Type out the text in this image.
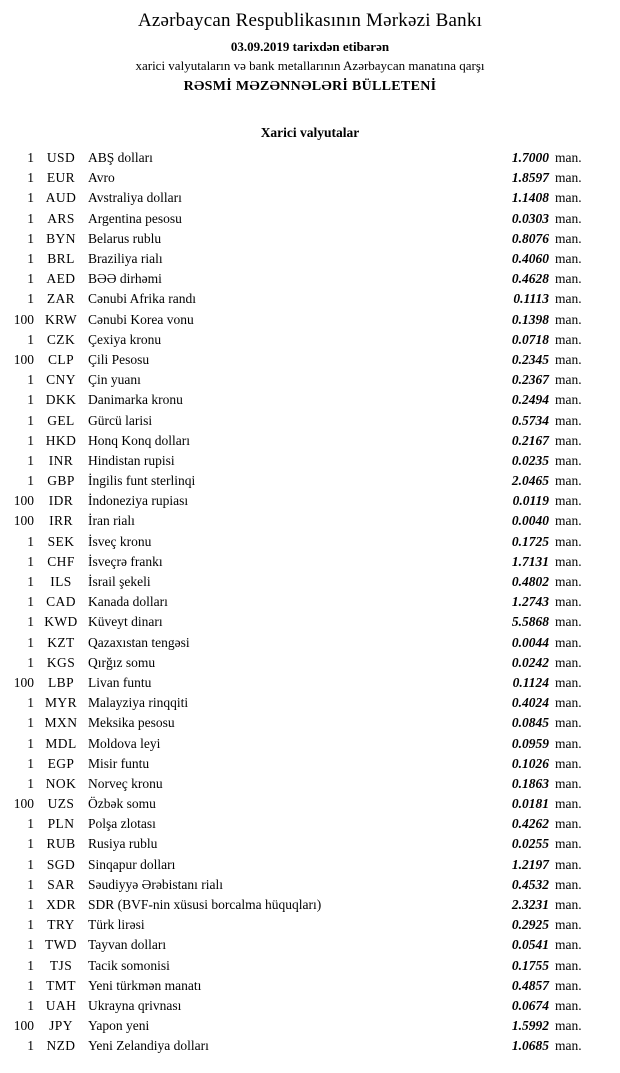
Azərbaycan Respublikasının Mərkəzi Bankı
03.09.2019 tarixdən etibarən
xarici valyutaların və bank metallarının Azərbaycan manatına qarşı
RƏSMİ MƏZƏNNƏLƏRİ BÜLLETENİ
Xarici valyutalar
1 USD ABŞ dolları	1.7000 man.
1 EUR Avro	1.8597 man.
1 AUD Avstraliya dolları	1.1408 man.
1 ARS Argentina pesosu	0.0303 man.
1 BYN Belarus rublu	0.8076 man.
1 BRL Braziliya rialı	0.4060 man.
1 AED BƏƏ dirhəmi	0.4628 man.
1 ZAR Cənubi Afrika randı	0.1113 man.
100 KRW Cənubi Korea vonu	0.1398 man.
1 CZK Çexiya kronu	0.0718 man.
100	CLP	Çili Pesosu	0.2345 man.
1 CNY Çin yuanı	0.2367 man.
1 DKK Danimarka kronu	0.2494 man.
1 GEL Gürcü larisi	0.5734 man.
1 HKD Honq Konq dolları	0.2167 man.
1	INR	Hindistan rupisi	0.0235 man.
1 GBP İngilis funt sterlinqi	2.0465 man.
100	IDR	İndoneziya rupiası	0.0119 man.
100	IRR	İran rialı	0.0040 man.
1	SEK	İsveç kronu	0.1725 man.
1 CHF İsveçrə frankı	1.7131 man.
1	ILS	İsrail şekeli	0.4802 man.
1 CAD Kanada dolları	1.2743 man.
1 KWD Küveyt dinarı	5.5868 man.
1 KZT Qazaxıstan tengəsi	0.0044 man.
1 KGS Qırğız somu	0.0242 man.
100	LBP	Livan funtu	0.1124 man.
1 MYR Malayziya rinqqiti	0.4024 man.
1 MXN Meksika pesosu	0.0845 man.
1 MDL Moldova leyi	0.0959 man.
1	EGP	Misir funtu	0.1026 man.
1 NOK Norveç kronu	0.1863 man.
100	UZS	Özbək somu	0.0181 man.
1	PLN	Polşa zlotası	0.4262 man.
1 RUB Rusiya rublu	0.0255 man.
1 SGD Sinqapur dolları	1.2197 man.
1 SAR Səudiyyə Ərəbistanı rialı	0.4532 man.
1 XDR SDR (BVF-nin xüsusi borcalma hüquqları)	2.3231 man.
1 TRY Türk lirəsi	0.2925 man.
1 TWD Tayvan dolları	0.0541 man.
1	TJS	Tacik somonisi	0.1755 man.
1 TMT Yeni türkmən manatı	0.4857 man.
1 UAH Ukrayna qrivnası	0.0674 man.
100	JPY	Yapon yeni	1.5992 man.
1 NZD Yeni Zelandiya dolları	1.0685 man.
